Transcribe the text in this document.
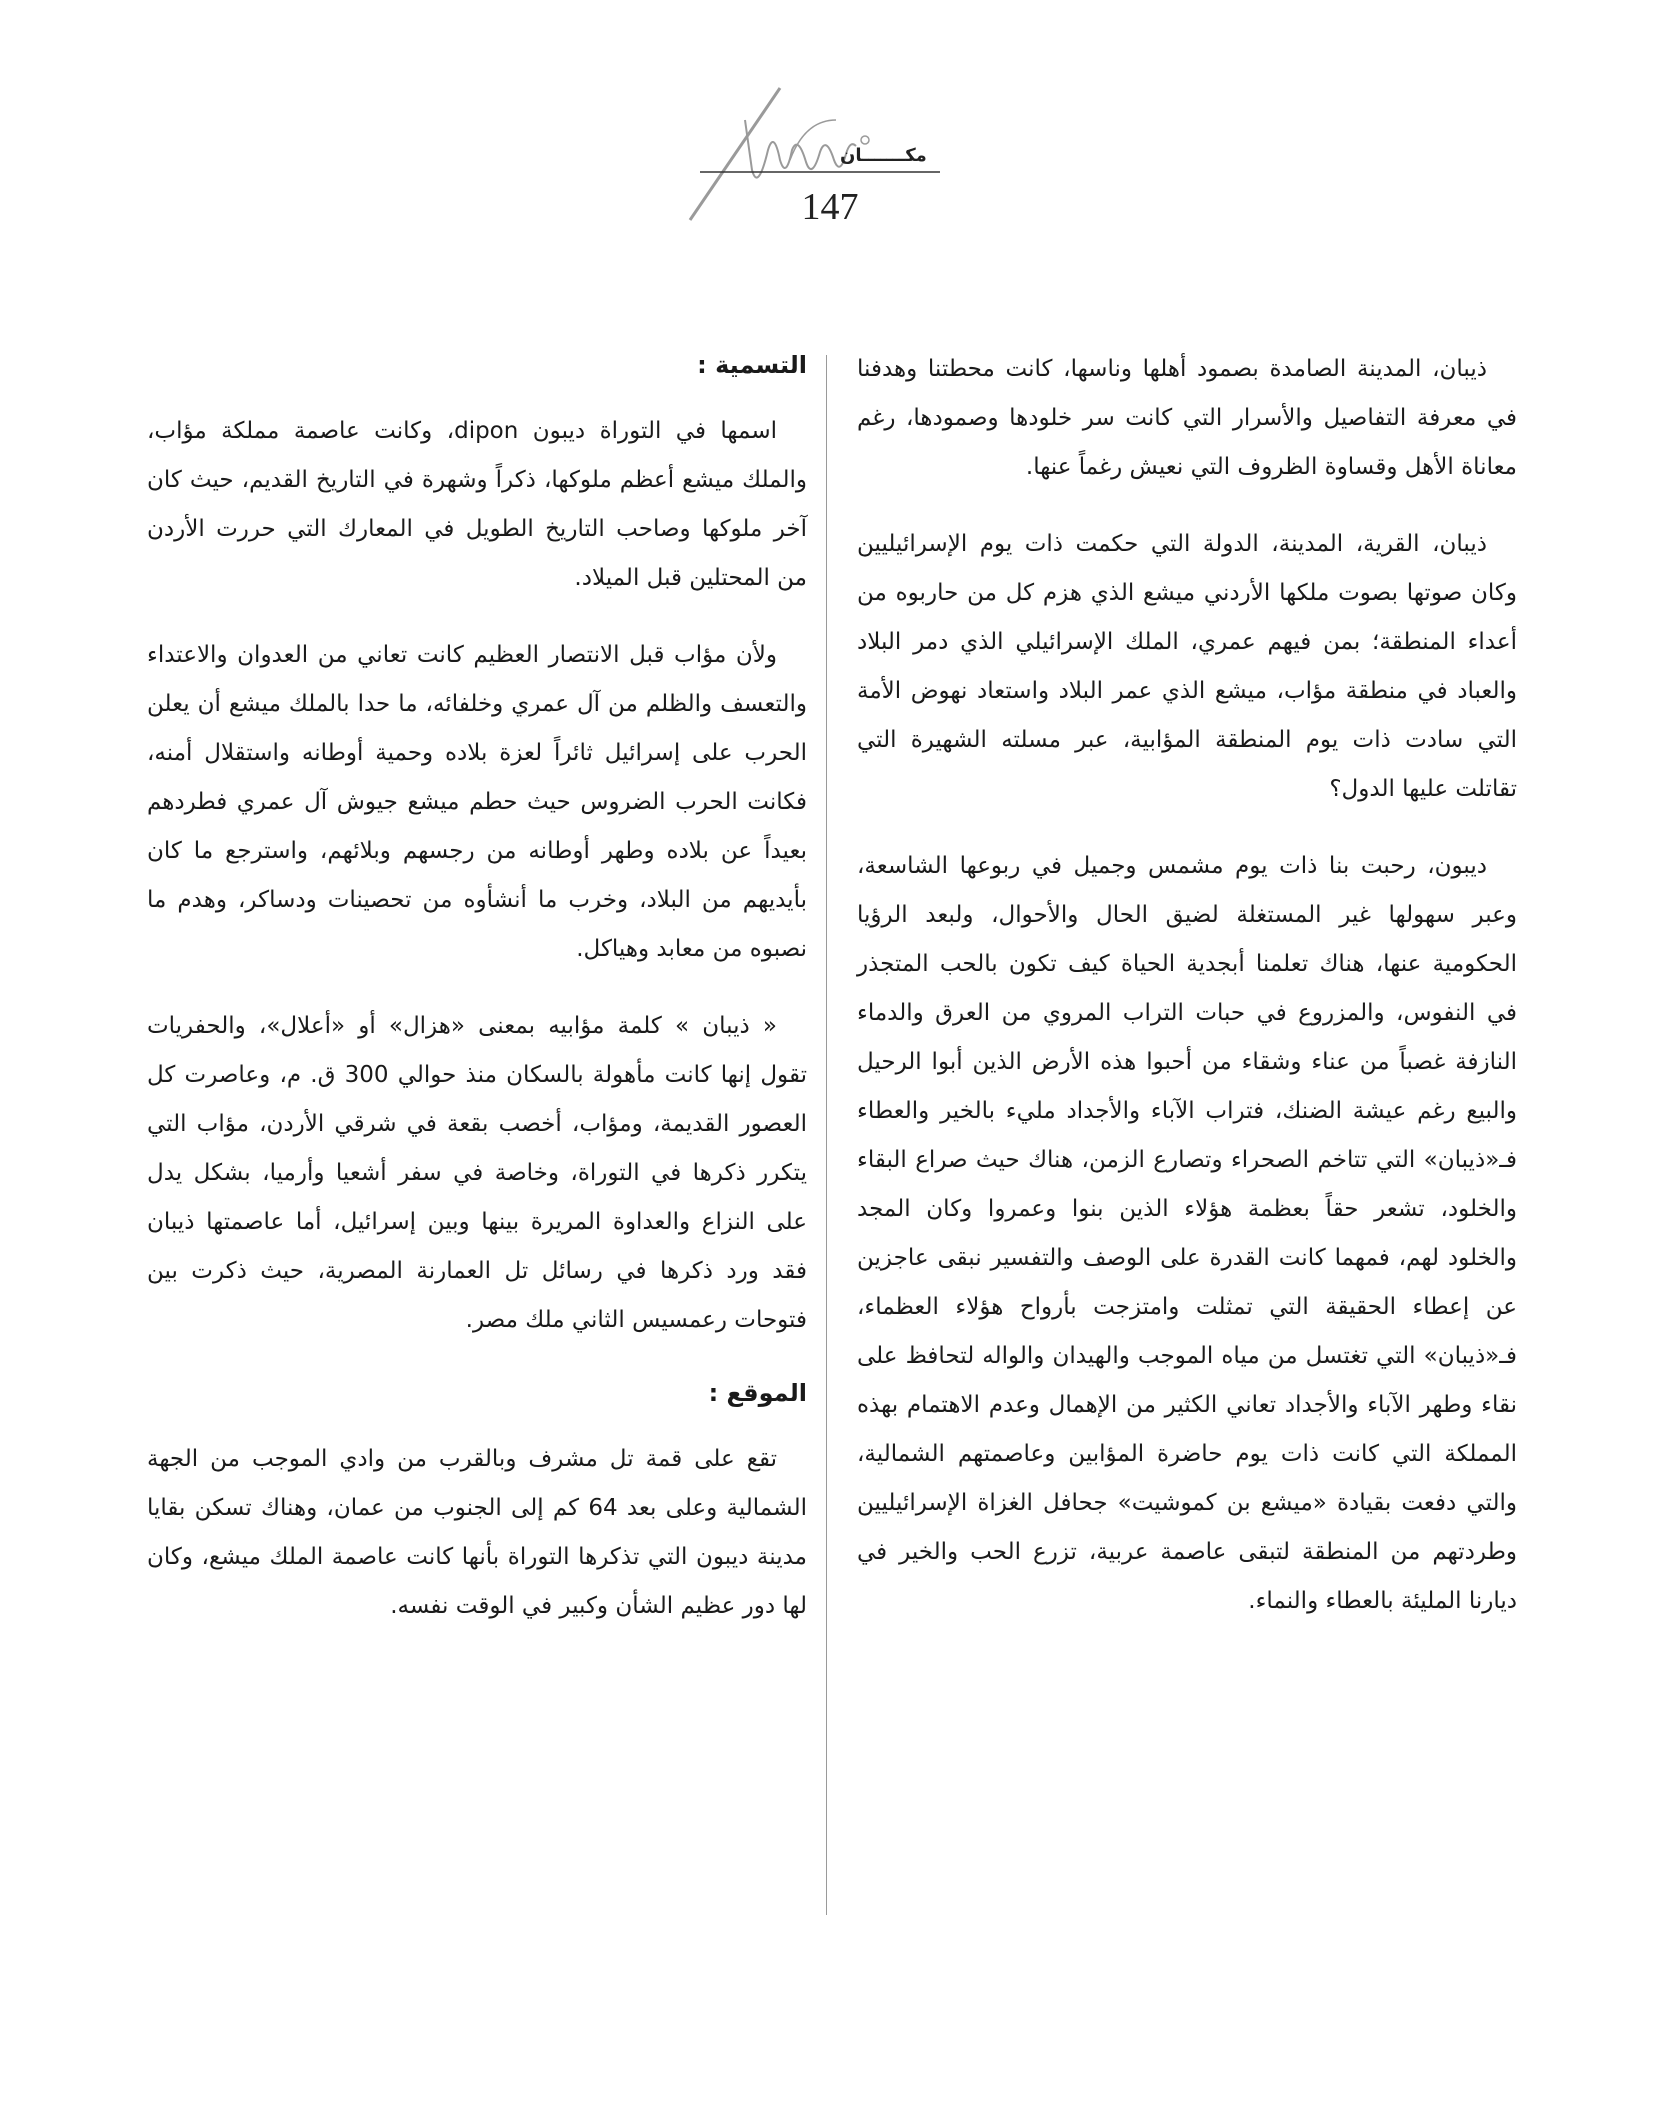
مكـــــــان
147

ذيبان، المدينة الصامدة بصمود أهلها وناسها، كانت محطتنا وهدفنا في معرفة التفاصيل والأسرار التي كانت سر خلودها وصمودها، رغم معاناة الأهل وقساوة الظروف التي نعيش رغماً عنها.

ذيبان، القرية، المدينة، الدولة التي حكمت ذات يوم الإسرائيليين وكان صوتها بصوت ملكها الأردني ميشع الذي هزم كل من حاربوه من أعداء المنطقة؛ بمن فيهم عمري، الملك الإسرائيلي الذي دمر البلاد والعباد في منطقة مؤاب، ميشع الذي عمر البلاد واستعاد نهوض الأمة التي سادت ذات يوم المنطقة المؤابية، عبر مسلته الشهيرة التي تقاتلت عليها الدول؟

ديبون، رحبت بنا ذات يوم مشمس وجميل في ربوعها الشاسعة، وعبر سهولها غير المستغلة لضيق الحال والأحوال، ولبعد الرؤيا الحكومية عنها، هناك تعلمنا أبجدية الحياة كيف تكون بالحب المتجذر في النفوس، والمزروع في حبات التراب المروي من العرق والدماء النازفة غصباً من عناء وشقاء من أحبوا هذه الأرض الذين أبوا الرحيل والبيع رغم عيشة الضنك، فتراب الآباء والأجداد مليء بالخير والعطاء فـ«ذيبان» التي تتاخم الصحراء وتصارع الزمن، هناك حيث صراع البقاء والخلود، تشعر حقاً بعظمة هؤلاء الذين بنوا وعمروا وكان المجد والخلود لهم، فمهما كانت القدرة على الوصف والتفسير نبقى عاجزين عن إعطاء الحقيقة التي تمثلت وامتزجت بأرواح هؤلاء العظماء، فـ«ذيبان» التي تغتسل من مياه الموجب والهيدان والواله لتحافظ على نقاء وطهر الآباء والأجداد تعاني الكثير من الإهمال وعدم الاهتمام بهذه المملكة التي كانت ذات يوم حاضرة المؤابين وعاصمتهم الشمالية، والتي دفعت بقيادة «ميشع بن كموشيت» جحافل الغزاة الإسرائيليين وطردتهم من المنطقة لتبقى عاصمة عربية، تزرع الحب والخير في ديارنا المليئة بالعطاء والنماء.

التسمية :

اسمها في التوراة ديبون dipon، وكانت عاصمة مملكة مؤاب، والملك ميشع أعظم ملوكها، ذكراً وشهرة في التاريخ القديم، حيث كان آخر ملوكها وصاحب التاريخ الطويل في المعارك التي حررت الأردن من المحتلين قبل الميلاد.

ولأن مؤاب قبل الانتصار العظيم كانت تعاني من العدوان والاعتداء والتعسف والظلم من آل عمري وخلفائه، ما حدا بالملك ميشع أن يعلن الحرب على إسرائيل ثائراً لعزة بلاده وحمية أوطانه واستقلال أمنه، فكانت الحرب الضروس حيث حطم ميشع جيوش آل عمري فطردهم بعيداً عن بلاده وطهر أوطانه من رجسهم وبلائهم، واسترجع ما كان بأيديهم من البلاد، وخرب ما أنشأوه من تحصينات ودساكر، وهدم ما نصبوه من معابد وهياكل.

« ذيبان » كلمة مؤابيه بمعنى «هزال» أو «أعلال»، والحفريات تقول إنها كانت مأهولة بالسكان منذ حوالي 300 ق. م، وعاصرت كل العصور القديمة، ومؤاب، أخصب بقعة في شرقي الأردن، مؤاب التي يتكرر ذكرها في التوراة، وخاصة في سفر أشعيا وأرميا، بشكل يدل على النزاع والعداوة المريرة بينها وبين إسرائيل، أما عاصمتها ذيبان فقد ورد ذكرها في رسائل تل العمارنة المصرية، حيث ذكرت بين فتوحات رعمسيس الثاني ملك مصر.

الموقع :

تقع على قمة تل مشرف وبالقرب من وادي الموجب من الجهة الشمالية وعلى بعد 64 كم إلى الجنوب من عمان، وهناك تسكن بقايا مدينة ديبون التي تذكرها التوراة بأنها كانت عاصمة الملك ميشع، وكان لها دور عظيم الشأن وكبير في الوقت نفسه.
